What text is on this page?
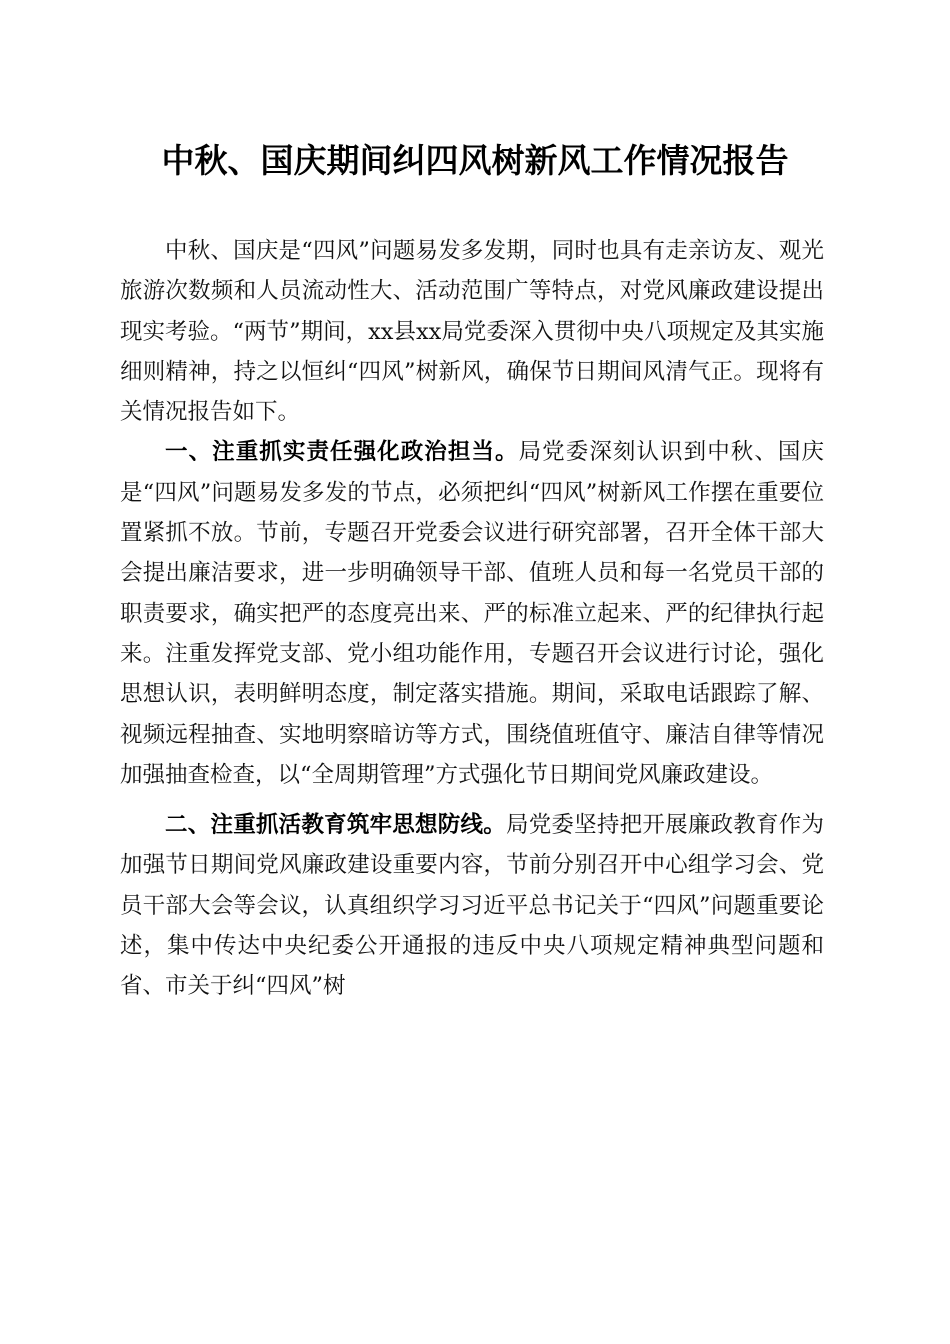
中秋、国庆期间纠四风树新风工作情况报告

中秋、国庆是“四风”问题易发多发期，同时也具有走亲访友、观光旅游次数频和人员流动性大、活动范围广等特点，对党风廉政建设提出现实考验。“两节”期间，xx县xx局党委深入贯彻中央八项规定及其实施细则精神，持之以恒纠“四风”树新风，确保节日期间风清气正。现将有关情况报告如下。

一、注重抓实责任强化政治担当。局党委深刻认识到中秋、国庆是“四风”问题易发多发的节点，必须把纠“四风”树新风工作摆在重要位置紧抓不放。节前，专题召开党委会议进行研究部署，召开全体干部大会提出廉洁要求，进一步明确领导干部、值班人员和每一名党员干部的职责要求，确实把严的态度亮出来、严的标准立起来、严的纪律执行起来。注重发挥党支部、党小组功能作用，专题召开会议进行讨论，强化思想认识，表明鲜明态度，制定落实措施。期间，采取电话跟踪了解、视频远程抽查、实地明察暗访等方式，围绕值班值守、廉洁自律等情况加强抽查检查，以“全周期管理”方式强化节日期间党风廉政建设。

二、注重抓活教育筑牢思想防线。局党委坚持把开展廉政教育作为加强节日期间党风廉政建设重要内容，节前分别召开中心组学习会、党员干部大会等会议，认真组织学习习近平总书记关于“四风”问题重要论述，集中传达中央纪委公开通报的违反中央八项规定精神典型问题和省、市关于纠“四风”树
